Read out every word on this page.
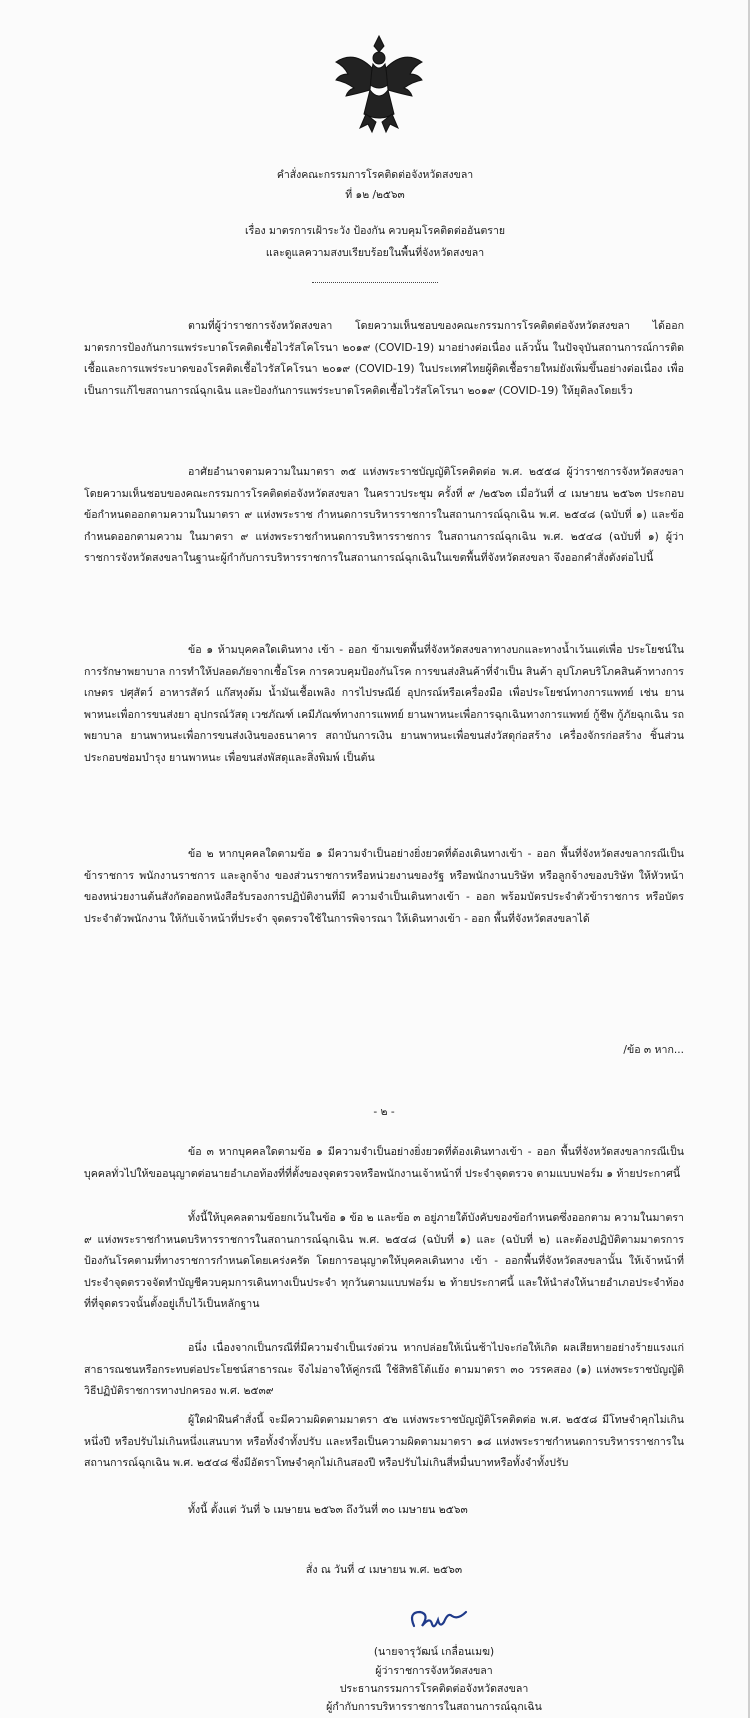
คำสั่งคณะกรรมการโรคติดต่อจังหวัดสงขลา
ที่ ๑๒ /๒๕๖๓
เรื่อง มาตรการเฝ้าระวัง ป้องกัน ควบคุมโรคติดต่ออันตราย
และดูแลความสงบเรียบร้อยในพื้นที่จังหวัดสงขลา
ตามที่ผู้ว่าราชการจังหวัดสงขลา โดยความเห็นชอบของคณะกรรมการโรคติดต่อจังหวัดสงขลา ได้ออกมาตรการป้องกันการแพร่ระบาดโรคติดเชื้อไวรัสโคโรนา ๒๐๑๙ (COVID-19) มาอย่างต่อเนื่อง แล้วนั้น ในปัจจุบันสถานการณ์การติดเชื้อและการแพร่ระบาดของโรคติดเชื้อไวรัสโคโรนา ๒๐๑๙ (COVID-19) ในประเทศไทยผู้ติดเชื้อรายใหม่ยังเพิ่มขึ้นอย่างต่อเนื่อง เพื่อเป็นการแก้ไขสถานการณ์ฉุกเฉิน และป้องกันการแพร่ระบาดโรคติดเชื้อไวรัสโคโรนา ๒๐๑๙ (COVID-19) ให้ยุติลงโดยเร็ว
อาศัยอำนาจตามความในมาตรา ๓๕ แห่งพระราชบัญญัติโรคติดต่อ พ.ศ. ๒๕๕๘ ผู้ว่าราชการจังหวัดสงขลา โดยความเห็นชอบของคณะกรรมการโรคติดต่อจังหวัดสงขลา ในคราวประชุม ครั้งที่ ๙ /๒๕๖๓ เมื่อวันที่ ๔ เมษายน ๒๕๖๓ ประกอบข้อกำหนดออกตามความในมาตรา ๙ แห่งพระราช กำหนดการบริหารราชการในสถานการณ์ฉุกเฉิน พ.ศ. ๒๕๔๘ (ฉบับที่ ๑) และข้อกำหนดออกตามความ ในมาตรา ๙ แห่งพระราชกำหนดการบริหารราชการ ในสถานการณ์ฉุกเฉิน พ.ศ. ๒๕๔๘ (ฉบับที่ ๑) ผู้ว่าราชการจังหวัดสงขลาในฐานะผู้กำกับการบริหารราชการในสถานการณ์ฉุกเฉินในเขตพื้นที่จังหวัดสงขลา จึงออกคำสั่งดังต่อไปนี้
ข้อ ๑ ห้ามบุคคลใดเดินทาง เข้า - ออก ข้ามเขตพื้นที่จังหวัดสงขลาทางบกและทางน้ำเว้นแต่เพื่อ ประโยชน์ในการรักษาพยาบาล การทำให้ปลอดภัยจากเชื้อโรค การควบคุมป้องกันโรค การขนส่งสินค้าที่จำเป็น สินค้า อุปโภคบริโภคสินค้าทางการเกษตร ปศุสัตว์ อาหารสัตว์ แก๊สหุงต้ม น้ำมันเชื้อเพลิง การไปรษณีย์ อุปกรณ์หรือเครื่องมือ เพื่อประโยชน์ทางการแพทย์ เช่น ยานพาหนะเพื่อการขนส่งยา อุปกรณ์วัสดุ เวชภัณฑ์ เคมีภัณฑ์ทางการแพทย์ ยานพาหนะเพื่อการฉุกเฉินทางการแพทย์ กู้ชีพ กู้ภัยฉุกเฉิน รถพยาบาล ยานพาหนะเพื่อการขนส่งเงินของธนาคาร สถาบันการเงิน ยานพาหนะเพื่อขนส่งวัสดุก่อสร้าง เครื่องจักรก่อสร้าง ชิ้นส่วนประกอบซ่อมบำรุง ยานพาหนะ เพื่อขนส่งพัสดุและสิ่งพิมพ์ เป็นต้น
ข้อ ๒ หากบุคคลใดตามข้อ ๑ มีความจำเป็นอย่างยิ่งยวดที่ต้องเดินทางเข้า - ออก พื้นที่จังหวัดสงขลากรณีเป็นข้าราชการ พนักงานราชการ และลูกจ้าง ของส่วนราชการหรือหน่วยงานของรัฐ หรือพนักงานบริษัท หรือลูกจ้างของบริษัท ให้หัวหน้าของหน่วยงานต้นสังกัดออกหนังสือรับรองการปฏิบัติงานที่มี ความจำเป็นเดินทางเข้า - ออก พร้อมบัตรประจำตัวข้าราชการ หรือบัตรประจำตัวพนักงาน ให้กับเจ้าหน้าที่ประจำ จุดตรวจใช้ในการพิจารณา ให้เดินทางเข้า - ออก พื้นที่จังหวัดสงขลาได้
/ข้อ ๓ หาก...
- ๒ -
ข้อ ๓ หากบุคคลใดตามข้อ ๑ มีความจำเป็นอย่างยิ่งยวดที่ต้องเดินทางเข้า - ออก พื้นที่จังหวัดสงขลากรณีเป็นบุคคลทั่วไปให้ขออนุญาตต่อนายอำเภอท้องที่ที่ตั้งของจุดตรวจหรือพนักงานเจ้าหน้าที่ ประจำจุดตรวจ ตามแบบฟอร์ม ๑ ท้ายประกาศนี้
ทั้งนี้ให้บุคคลตามข้อยกเว้นในข้อ ๑ ข้อ ๒ และข้อ ๓ อยู่ภายใต้บังคับของข้อกำหนดซึ่งออกตาม ความในมาตรา ๙ แห่งพระราชกำหนดบริหารราชการในสถานการณ์ฉุกเฉิน พ.ศ. ๒๕๔๘ (ฉบับที่ ๑) และ (ฉบับที่ ๒) และต้องปฏิบัติตามมาตรการป้องกันโรคตามที่ทางราชการกำหนดโดยเคร่งครัด โดยการอนุญาตให้บุคคลเดินทาง เข้า - ออกพื้นที่จังหวัดสงขลานั้น ให้เจ้าหน้าที่ประจำจุดตรวจจัดทำบัญชีควบคุมการเดินทางเป็นประจำ ทุกวันตามแบบฟอร์ม ๒ ท้ายประกาศนี้ และให้นำส่งให้นายอำเภอประจำท้องที่ที่จุดตรวจนั้นตั้งอยู่เก็บไว้เป็นหลักฐาน
อนึ่ง เนื่องจากเป็นกรณีที่มีความจำเป็นเร่งด่วน หากปล่อยให้เนิ่นช้าไปจะก่อให้เกิด ผลเสียหายอย่างร้ายแรงแก่สาธารณชนหรือกระทบต่อประโยชน์สาธารณะ จึงไม่อาจให้คู่กรณี ใช้สิทธิโต้แย้ง ตามมาตรา ๓๐ วรรคสอง (๑) แห่งพระราชบัญญัติวิธีปฏิบัติราชการทางปกครอง พ.ศ. ๒๕๓๙
ผู้ใดฝ่าฝืนคำสั่งนี้ จะมีความผิดตามมาตรา ๕๒ แห่งพระราชบัญญัติโรคติดต่อ พ.ศ. ๒๕๕๘ มีโทษจำคุกไม่เกินหนึ่งปี หรือปรับไม่เกินหนึ่งแสนบาท หรือทั้งจำทั้งปรับ และหรือเป็นความผิดตามมาตรา ๑๘ แห่งพระราชกำหนดการบริหารราชการในสถานการณ์ฉุกเฉิน พ.ศ. ๒๕๔๘ ซึ่งมีอัตราโทษจำคุกไม่เกินสองปี หรือปรับไม่เกินสี่หมื่นบาทหรือทั้งจำทั้งปรับ
ทั้งนี้ ตั้งแต่ วันที่ ๖ เมษายน ๒๕๖๓ ถึงวันที่ ๓๐ เมษายน ๒๕๖๓
สั่ง ณ วันที่ ๔ เมษายน พ.ศ. ๒๕๖๓
(นายจารุวัฒน์ เกลื่อนเมฆ)
ผู้ว่าราชการจังหวัดสงขลา
ประธานกรรมการโรคติดต่อจังหวัดสงขลา
ผู้กำกับการบริหารราชการในสถานการณ์ฉุกเฉิน
